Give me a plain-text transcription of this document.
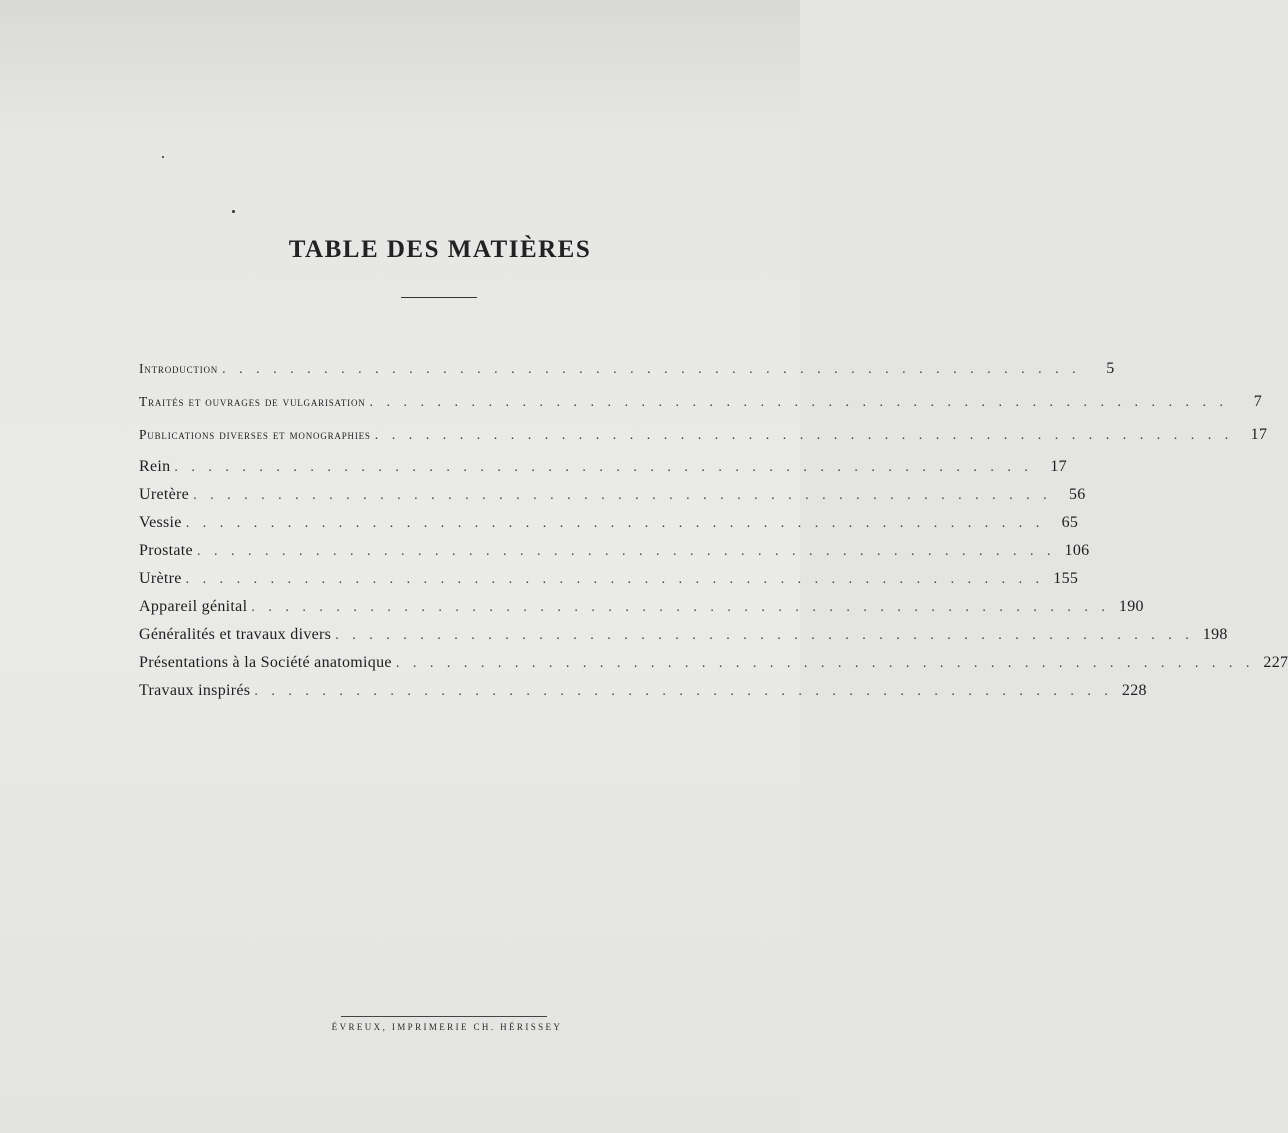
TABLE DES MATIÈRES
Introduction . . . . . . . . . . . . . . . . . . . . . . . . . . . . . . . . . . . . . . . . . . . . . . . . . . .	5
Traités et ouvrages de vulgarisation . . . . . . . . . . . . . . . . . . . . . . . . . . . . . . . . . . . . . . . . . . . . . . . . . . .	7
Publications diverses et monographies . . . . . . . . . . . . . . . . . . . . . . . . . . . . . . . . . . . . . . . . . . . . . . . . . . .	17
Rein . . . . . . . . . . . . . . . . . . . . . . . . . . . . . . . . . . . . . . . . . . . . . . . . . . .	17
Uretère . . . . . . . . . . . . . . . . . . . . . . . . . . . . . . . . . . . . . . . . . . . . . . . . . . .	56
Vessie . . . . . . . . . . . . . . . . . . . . . . . . . . . . . . . . . . . . . . . . . . . . . . . . . . .	65
Prostate . . . . . . . . . . . . . . . . . . . . . . . . . . . . . . . . . . . . . . . . . . . . . . . . . . . 106
Urètre . . . . . . . . . . . . . . . . . . . . . . . . . . . . . . . . . . . . . . . . . . . . . . . . . . . 155
Appareil génital . . . . . . . . . . . . . . . . . . . . . . . . . . . . . . . . . . . . . . . . . . . . . . . . . . . 190
Généralités et travaux divers . . . . . . . . . . . . . . . . . . . . . . . . . . . . . . . . . . . . . . . . . . . . . . . . . . . 198
Présentations à la Société anatomique . . . . . . . . . . . . . . . . . . . . . . . . . . . . . . . . . . . . . . . . . . . . . . . . . . . 227
Travaux inspirés . . . . . . . . . . . . . . . . . . . . . . . . . . . . . . . . . . . . . . . . . . . . . . . . . . . 228
ÉVREUX, IMPRIMERIE CH. HÉRISSEY
